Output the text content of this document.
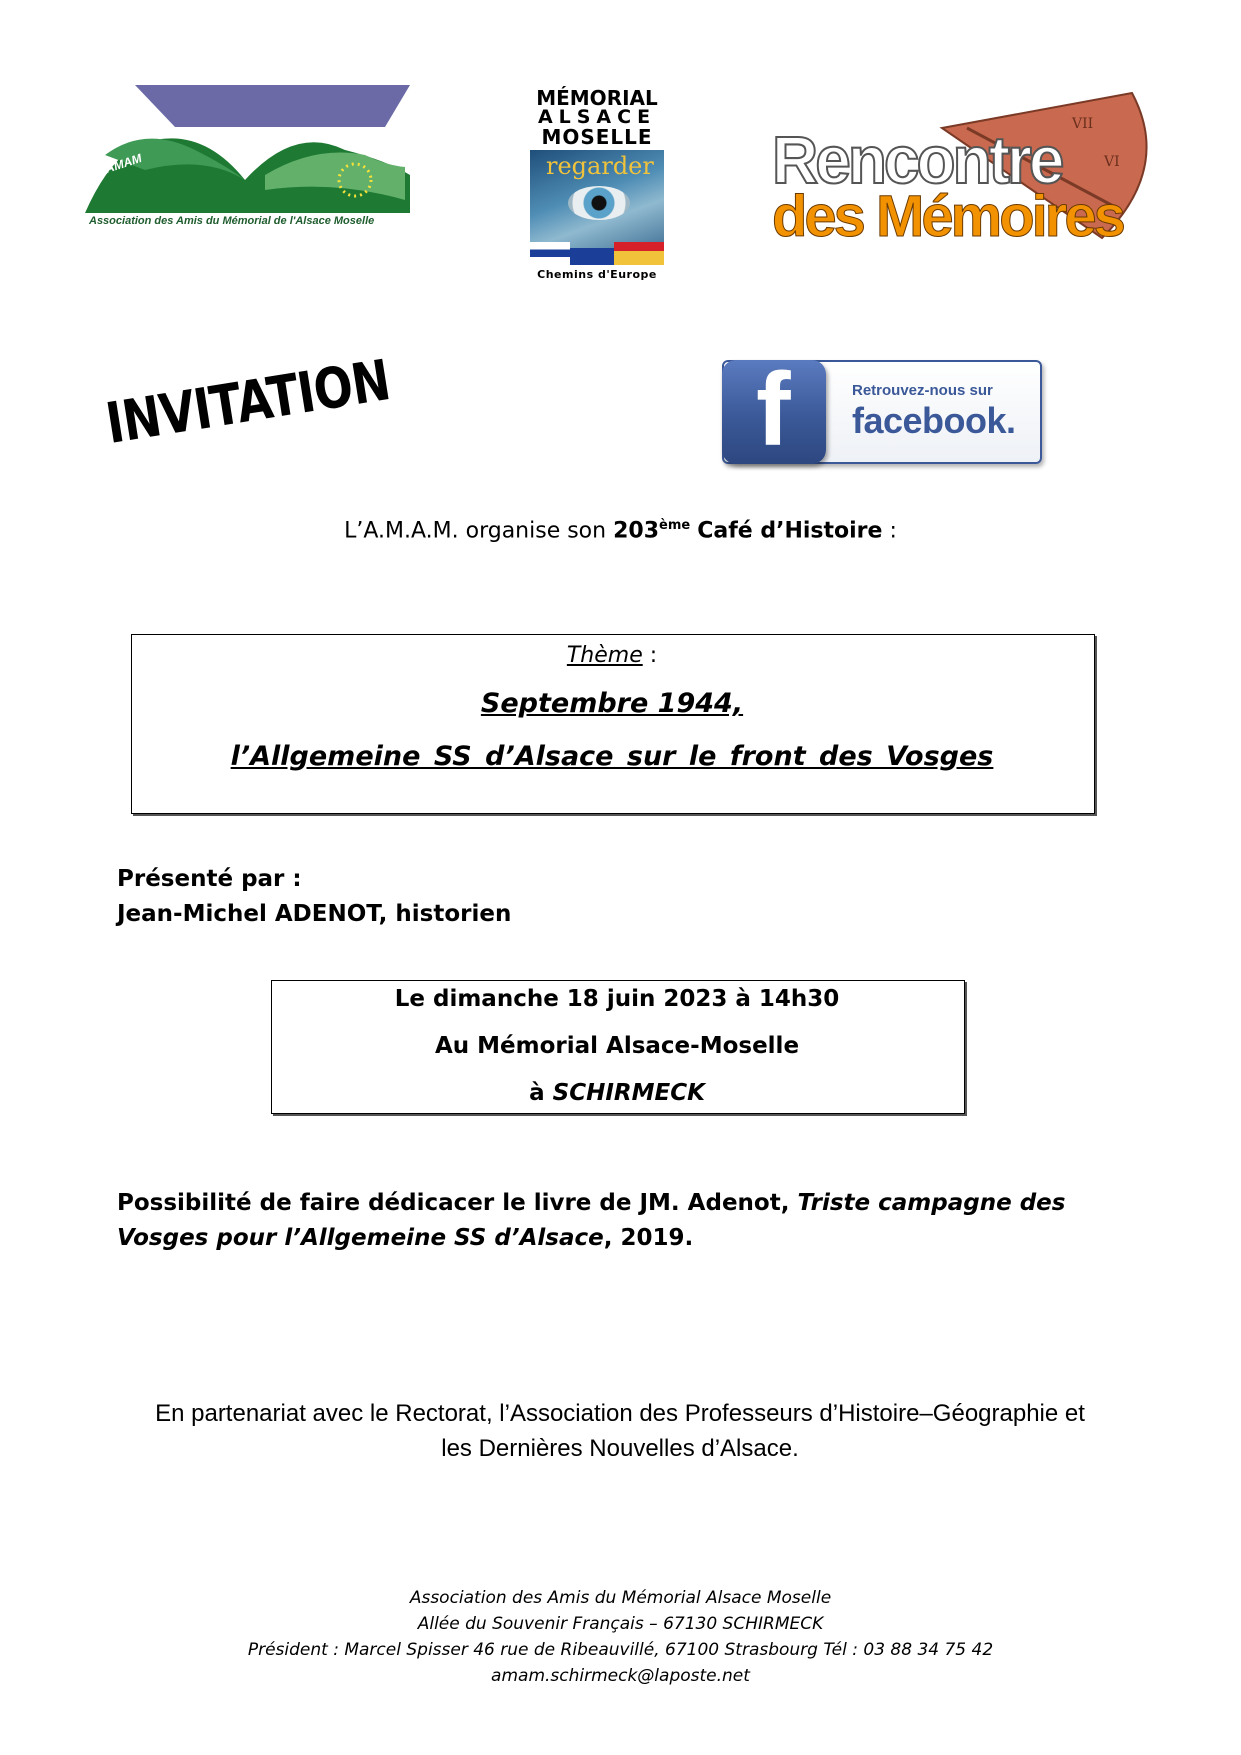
AMAM
Association des Amis du Mémorial de l'Alsace Moselle
MÉMORIAL
ALSACE
MOSELLE
regarder
Chemins d'Europe
VII
VI
Rencontre
des Mémoires
INVITATION	f	Retrouvez-nous sur
facebook.
L’A.M.A.M. organise son 203ème Café d’Histoire :
Thème :
Septembre 1944,
l’Allgemeine SS d’Alsace sur le front des Vosges
Présenté par :
Jean-Michel ADENOT, historien
Le dimanche 18 juin 2023 à 14h30
Au Mémorial Alsace-Moselle
à SCHIRMECK
Possibilité de faire dédicacer le livre de JM. Adenot, Triste campagne des Vosges pour l’Allgemeine SS d’Alsace, 2019.
En partenariat avec le Rectorat, l’Association des Professeurs d’Histoire–Géographie et
les Dernières Nouvelles d’Alsace.
Association des Amis du Mémorial Alsace Moselle
Allée du Souvenir Français – 67130 SCHIRMECK
Président : Marcel Spisser 46 rue de Ribeauvillé, 67100 Strasbourg Tél : 03 88 34 75 42
amam.schirmeck@laposte.net
